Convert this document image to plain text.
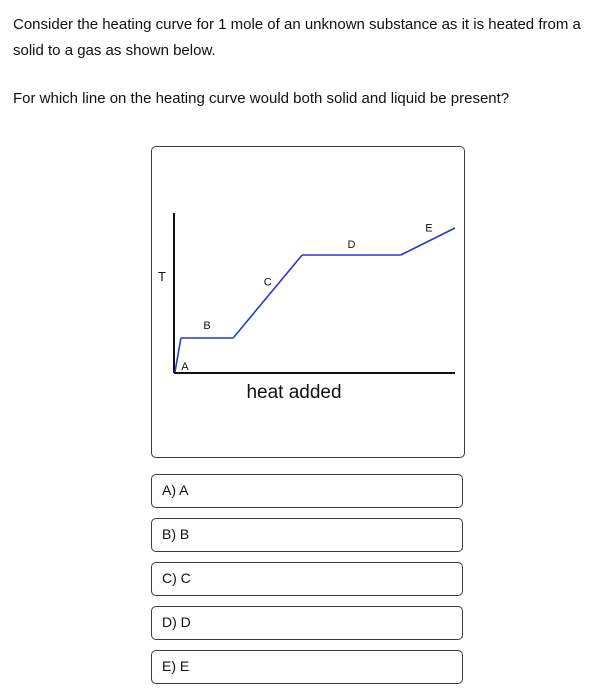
Consider the heating curve for 1 mole of an unknown substance as it is heated from a solid to a gas as shown below.

For which line on the heating curve would both solid and liquid be present?

T
heat added
A
B
C
D
E
A) A
B) B
C) C
D) D
E) E
